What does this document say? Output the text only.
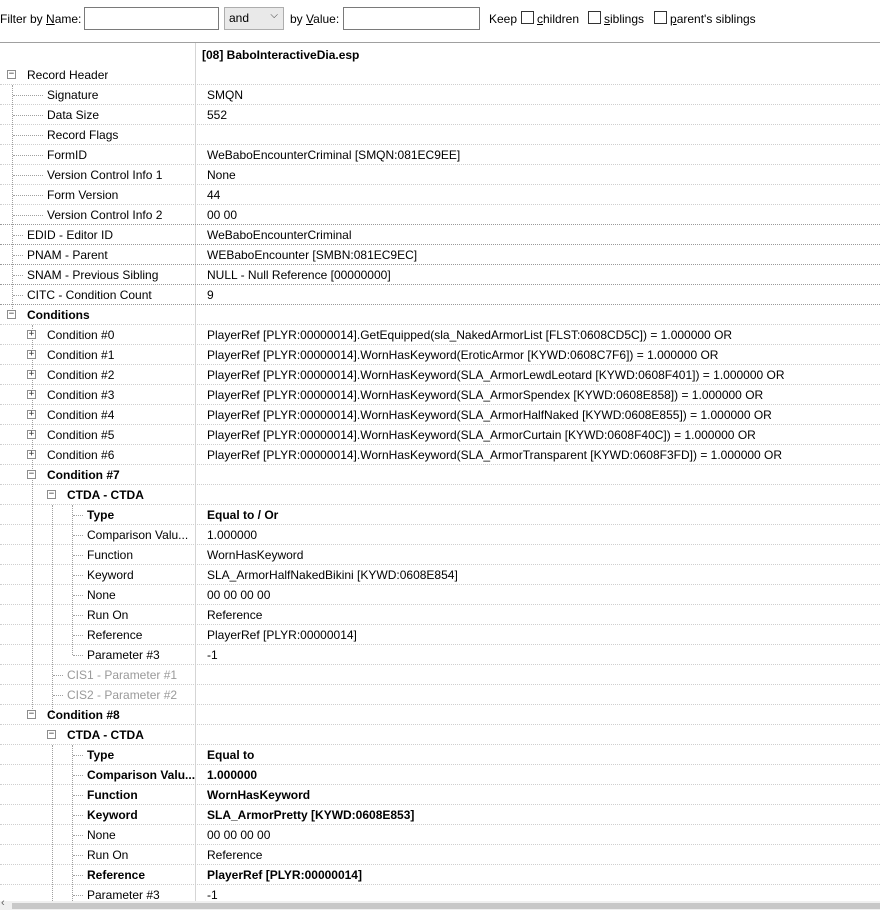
Filter by Name:	and ⌵ by Value:	Keep children siblings parent's siblings
[08] BaboInteractiveDia.esp
− Record Header
Signature	SMQN
Data Size	552
Record Flags
FormID	WeBaboEncounterCriminal [SMQN:081EC9EE]
Version Control Info 1	None
Form Version	44
Version Control Info 2	00 00
EDID - Editor ID	WeBaboEncounterCriminal
PNAM - Parent	WEBaboEncounter [SMBN:081EC9EC]
SNAM - Previous Sibling	NULL - Null Reference [00000000]
CITC - Condition Count	9
− Conditions
+ Condition #0	PlayerRef [PLYR:00000014].GetEquipped(sla_NakedArmorList [FLST:0608CD5C]) = 1.000000 OR
+ Condition #1	PlayerRef [PLYR:00000014].WornHasKeyword(EroticArmor [KYWD:0608C7F6]) = 1.000000 OR
+ Condition #2	PlayerRef [PLYR:00000014].WornHasKeyword(SLA_ArmorLewdLeotard [KYWD:0608F401]) = 1.000000 OR
+ Condition #3	PlayerRef [PLYR:00000014].WornHasKeyword(SLA_ArmorSpendex [KYWD:0608E858]) = 1.000000 OR
+ Condition #4	PlayerRef [PLYR:00000014].WornHasKeyword(SLA_ArmorHalfNaked [KYWD:0608E855]) = 1.000000 OR
+ Condition #5	PlayerRef [PLYR:00000014].WornHasKeyword(SLA_ArmorCurtain [KYWD:0608F40C]) = 1.000000 OR
+ Condition #6	PlayerRef [PLYR:00000014].WornHasKeyword(SLA_ArmorTransparent [KYWD:0608F3FD]) = 1.000000 OR
− Condition #7
− CTDA - CTDA
Type	Equal to / Or
Comparison Valu... 1.000000
Function	WornHasKeyword
Keyword	SLA_ArmorHalfNakedBikini [KYWD:0608E854]
None	00 00 00 00
Run On	Reference
Reference	PlayerRef [PLYR:00000014]
Parameter #3	-1
CIS1 - Parameter #1
CIS2 - Parameter #2
− Condition #8
− CTDA - CTDA
Type	Equal to
Comparison Valu... 1.000000
Function	WornHasKeyword
Keyword	SLA_ArmorPretty [KYWD:0608E853]
None	00 00 00 00
Run On	Reference
Reference	PlayerRef [PLYR:00000014]
Parameter #3	-1
‹
